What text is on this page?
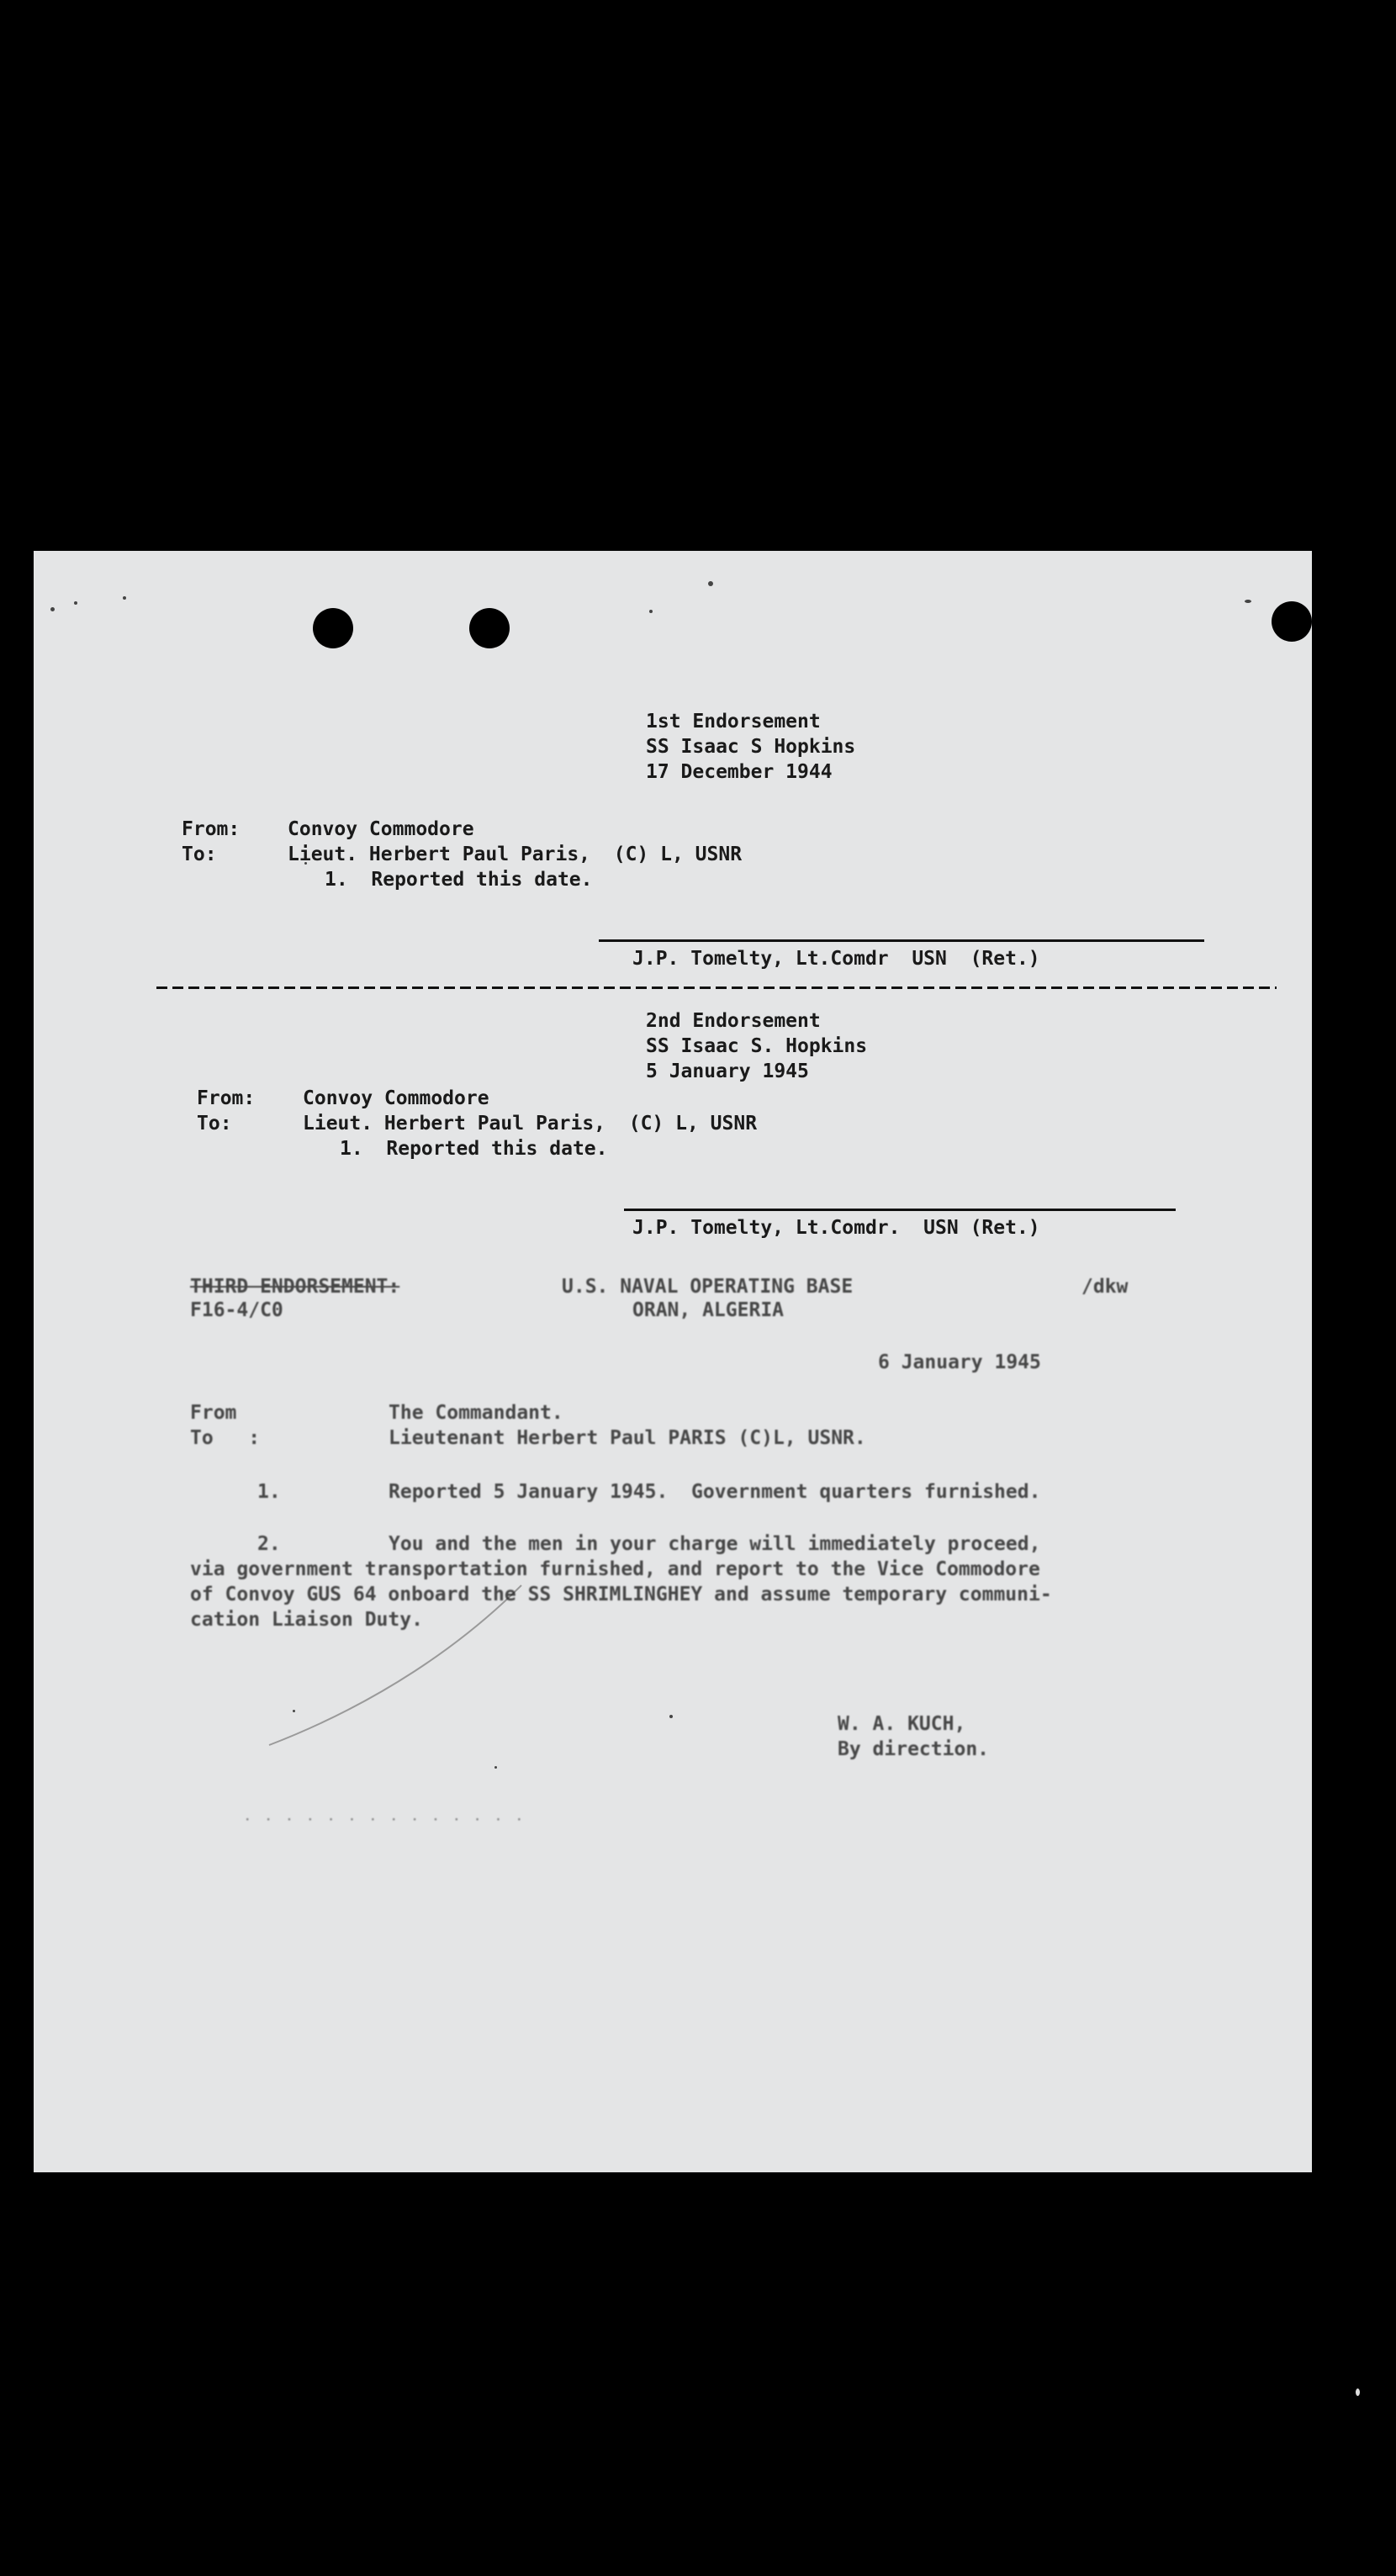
1st Endorsement
SS Isaac S Hopkins
17 December 1944
From: Convoy Commodore
To:	Lieut. Herbert Paul Paris,  (C) L, USNR
1.  Reported this date.
J.P. Tomelty, Lt.Comdr  USN  (Ret.)
2nd Endorsement
SS Isaac S. Hopkins
5 January 1945
From: Convoy Commodore
To:	Lieut. Herbert Paul Paris,  (C) L, USNR
1.  Reported this date.
J.P. Tomelty, Lt.Comdr.  USN (Ret.)
THIRD ENDORSEMENT:
F16-4/C0
U.S. NAVAL OPERATING BASE
ORAN, ALGERIA
/dkw
6 January 1945
From	The Commandant.
To   :	Lieutenant Herbert Paul PARIS (C)L, USNR.
1.	Reported 5 January 1945.  Government quarters furnished.
2.	You and the men in your charge will immediately proceed,
via government transportation furnished, and report to the Vice Commodore
of Convoy GUS 64 onboard the SS SHRIMLINGHEY and assume temporary communi-
cation Liaison Duty.
W. A. KUCH,
By direction.
· · · · · · · · · · · · · ·
